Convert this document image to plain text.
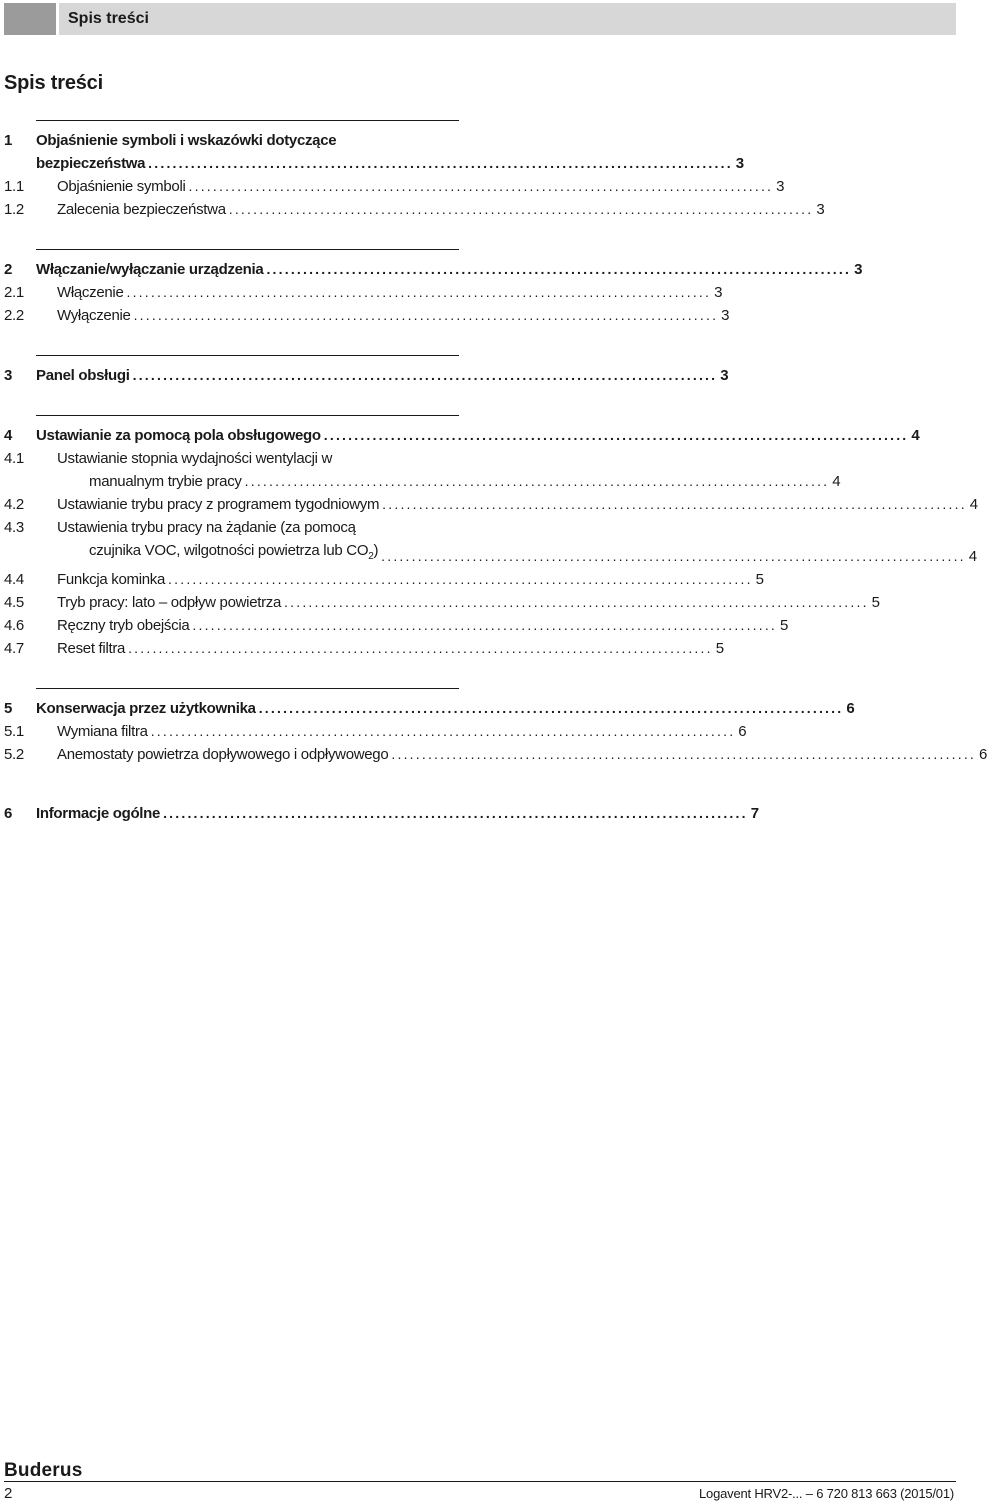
Spis treści
Spis treści
1	Objaśnienie symboli i wskazówki dotyczące
bezpieczeństwa ................................................................................................ 3
1.1	Objaśnienie symboli ................................................................................................ 3
1.2	Zalecenia bezpieczeństwa ................................................................................................ 3
2	Włączanie/wyłączanie urządzenia ................................................................................................ 3
2.1	Włączenie ................................................................................................ 3
2.2	Wyłączenie ................................................................................................ 3
3	Panel obsługi ................................................................................................ 3
4	Ustawianie za pomocą pola obsługowego ................................................................................................ 4
4.1	Ustawianie stopnia wydajności wentylacji w
manualnym trybie pracy ................................................................................................ 4
4.2	Ustawianie trybu pracy z programem tygodniowym ................................................................................................ 4
4.3	Ustawienia trybu pracy na żądanie (za pomocą
czujnika VOC, wilgotności powietrza lub $CO_2$) ................................................................................................ 4
4.4	Funkcja kominka ................................................................................................ 5
4.5	Tryb pracy: lato – odpływ powietrza ................................................................................................ 5
4.6	Ręczny tryb obejścia ................................................................................................ 5
4.7	Reset filtra ................................................................................................ 5
5	Konserwacja przez użytkownika ................................................................................................ 6
5.1	Wymiana filtra ................................................................................................ 6
5.2	Anemostaty powietrza dopływowego i odpływowego ................................................................................................ 6
6	Informacje ogólne ................................................................................................ 7
Buderus
2	Logavent HRV2-... – 6 720 813 663 (2015/01)
